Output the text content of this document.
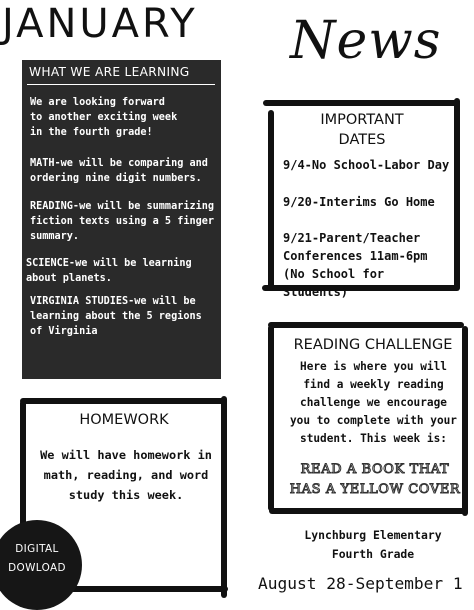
JANUARY	News
WHAT WE ARE LEARNING
We are looking forward
to another exciting week
in the fourth grade!
MATH-we will be comparing and
ordering nine digit numbers.
READING-we will be summarizing
fiction texts using a 5 finger
summary.
SCIENCE-we will be learning
about planets.
VIRGINIA STUDIES-we will be
learning about the 5 regions
of Virginia
IMPORTANT
DATES
9/4-No School-Labor Day
9/20-Interims Go Home
9/21-Parent/Teacher
Conferences 11am-6pm
(No School for Students)
READING CHALLENGE
Here is where you will
find a weekly reading
challenge we encourage
you to complete with your
student. This week is:
READ A BOOK THAT
HAS A YELLOW COVER
Lynchburg Elementary
Fourth Grade
August 28-September 1
HOMEWORK
We will have homework in
math, reading, and word
study this week.
DIGITAL
DOWLOAD
